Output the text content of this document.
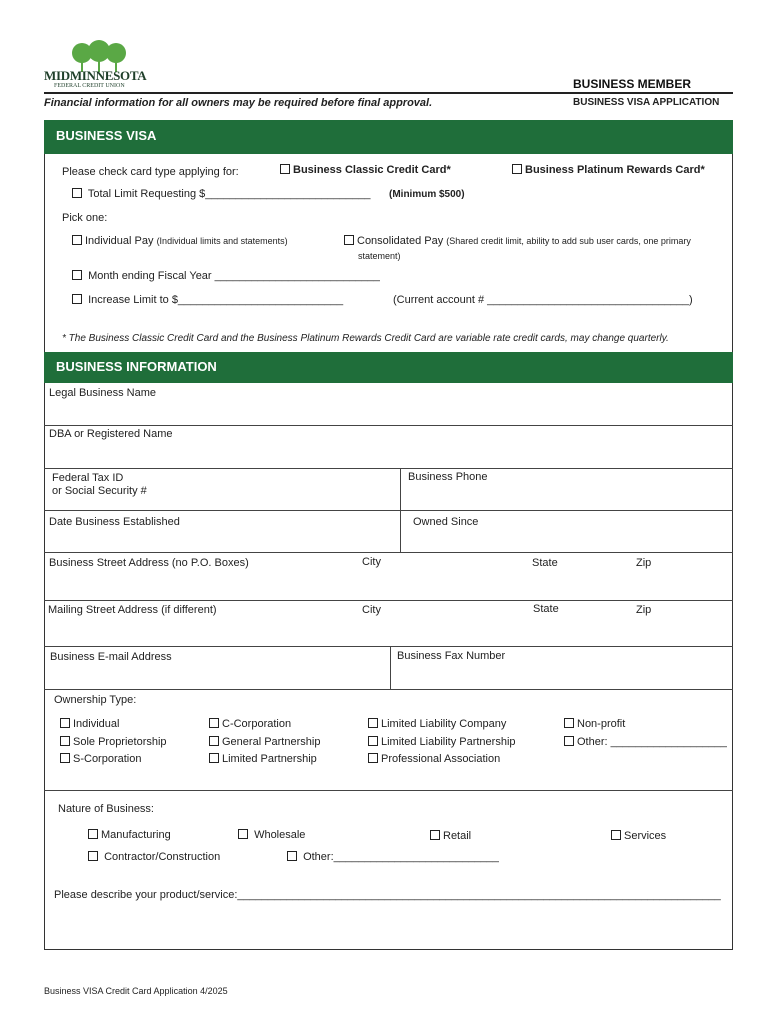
MIDMINNESOTA
FEDERAL CREDIT UNION	BUSINESS MEMBER
BUSINESS VISA APPLICATION
Financial information for all owners may be required before final approval.
BUSINESS VISA
Please check card type applying for:	Business Classic Credit Card*	Business Platinum Rewards Card*
Total Limit Requesting $___________________________ (Minimum $500)
Pick one:
Individual Pay (Individual limits and statements)	Consolidated Pay (Shared credit limit, ability to add sub user cards, one primary
statement)
Month ending Fiscal Year ___________________________
Increase Limit to $___________________________	(Current account # _________________________________)
* The Business Classic Credit Card and the Business Platinum Rewards Credit Card are variable rate credit cards, may change quarterly.
BUSINESS INFORMATION
Legal Business Name
DBA or Registered Name
Federal Tax ID
or Social Security #
Business Phone
Date Business Established	Owned Since
Business Street Address (no P.O. Boxes)	City	State	Zip
Mailing Street Address (if different)	City	State	Zip
Business E-mail Address	Business Fax Number
Ownership Type:
Individual
Sole Proprietorship
S-Corporation
C-Corporation
General Partnership
Limited Partnership
Limited Liability Company
Limited Liability Partnership
Professional Association
Non-profit
Other: ___________________
Nature of Business:
Manufacturing	Wholesale	Retail	Services
Contractor/Construction	Other:___________________________
Please describe your product/service:_______________________________________________________________________________
Business VISA Credit Card Application 4/2025
